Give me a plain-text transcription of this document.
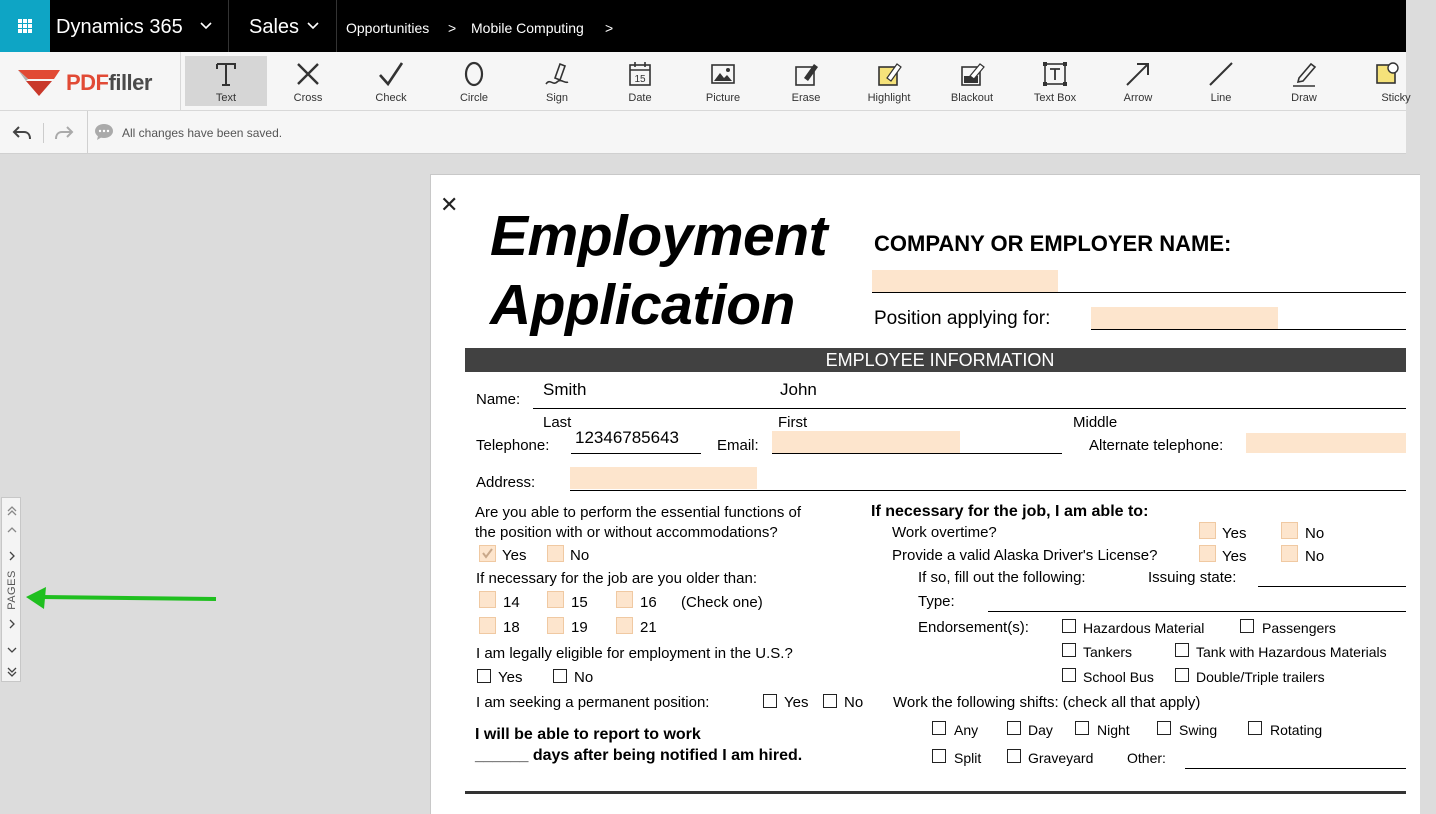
Dynamics 365	Sales	Opportunities > Mobile Computing >
PDFfiller
Text	Cross	Check	Circle	Sign
15
Date	Picture	Erase	Highlight	Blackout	Text Box	Arrow	Line	Draw	Sticky
All changes have been saved.
PAGES
✕ Employment
Application
COMPANY OR EMPLOYER NAME:
Position applying for:
EMPLOYEE INFORMATION
Name:
Smith	John
Last	First	Middle
Telephone: 12346785643	Email:	Alternate telephone:
Address:
Are you able to perform the essential functions of
the position with or without accommodations?
Yes	No
If necessary for the job are you older than:
14	15	16 (Check one)
18	19	21
I am legally eligible for employment in the U.S.?
Yes	No
I am seeking a permanent position:	Yes No
I will be able to report to work
______ days after being notified I am hired.
If necessary for the job, I am able to:
Work overtime?	Yes	No
Provide a valid Alaska Driver's License?	Yes	No
If so, fill out the following:	Issuing state:
Type:
Endorsement(s):	Hazardous Material	Passengers
Tankers	Tank with Hazardous Materials
School Bus	Double/Triple trailers
Work the following shifts: (check all that apply)
Any	Day	Night	Swing	Rotating
Split	Graveyard Other:
